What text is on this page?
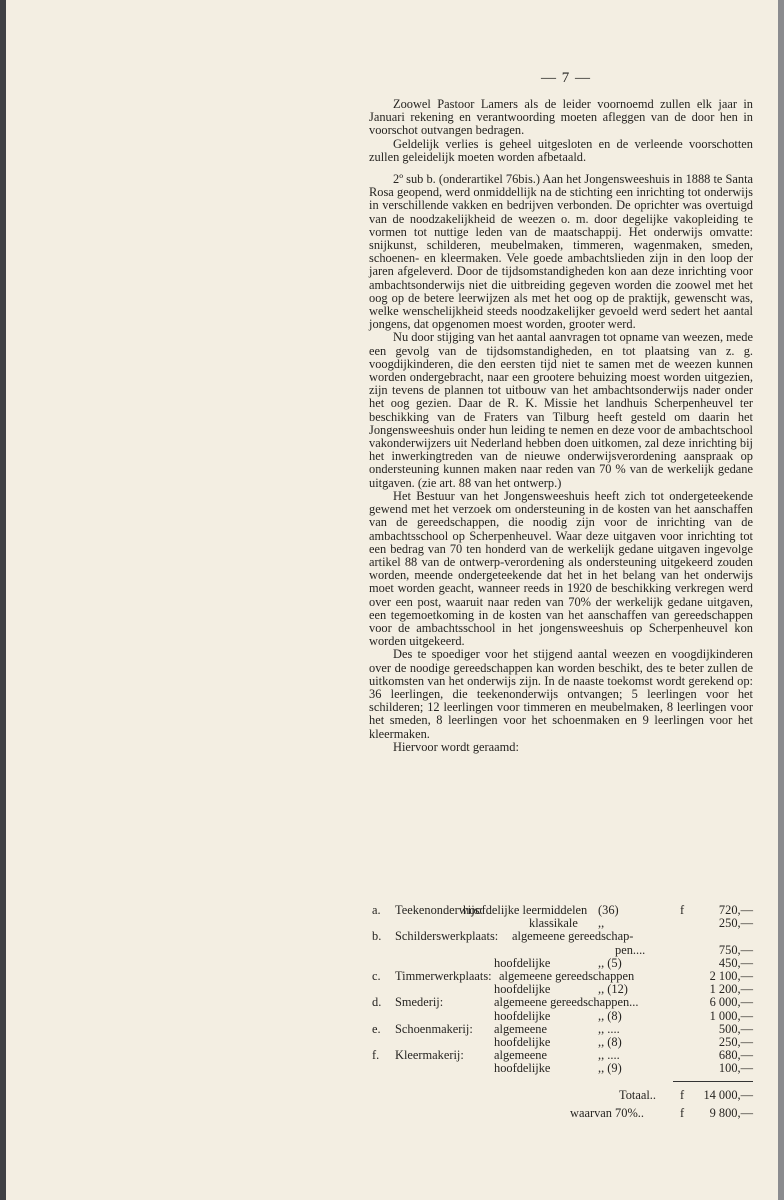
— 7 —

Zoowel Pastoor Lamers als de leider voornoemd zullen elk jaar in Januari rekening en verantwoording moeten afleggen van de door hen in voorschot outvangen bedragen.

Geldelijk verlies is geheel uitgesloten en de verleende voorschotten zullen geleidelijk moeten worden afbetaald.

2º sub b. (onderartikel 76bis.) Aan het Jongensweeshuis in 1888 te Santa Rosa geopend, werd onmiddellijk na de stichting een inrichting tot onderwijs in verschillende vakken en bedrijven verbonden. De oprichter was overtuigd van de noodzakelijkheid de weezen o. m. door degelijke vakopleiding te vormen tot nuttige leden van de maatschappij. Het onderwijs omvatte: snijkunst, schilderen, meubelmaken, timmeren, wagenmaken, smeden, schoenen- en kleermaken. Vele goede ambachtslieden zijn in den loop der jaren afgeleverd. Door de tijdsomstandigheden kon aan deze inrichting voor ambachtsonderwijs niet die uitbreiding gegeven worden die zoowel met het oog op de betere leerwijzen als met het oog op de praktijk, gewenscht was, welke wenschelijkheid steeds noodzakelijker gevoeld werd sedert het aantal jongens, dat opgenomen moest worden, grooter werd.

Nu door stijging van het aantal aanvragen tot opname van weezen, mede een gevolg van de tijdsomstandigheden, en tot plaatsing van z. g. voogdijkinderen, die den eersten tijd niet te samen met de weezen kunnen worden ondergebracht, naar een grootere behuizing moest worden uitgezien, zijn tevens de plannen tot uitbouw van het ambachtsonderwijs nader onder het oog gezien. Daar de R. K. Missie het landhuis Scherpenheuvel ter beschikking van de Fraters van Tilburg heeft gesteld om daarin het Jongensweeshuis onder hun leiding te nemen en deze voor de ambachtschool vakonderwijzers uit Nederland hebben doen uitkomen, zal deze inrichting bij het inwerkingtreden van de nieuwe onderwijsverordening aanspraak op ondersteuning kunnen maken naar reden van 70 % van de werkelijk gedane uitgaven. (zie art. 88 van het ontwerp.)

Het Bestuur van het Jongensweeshuis heeft zich tot ondergeteekende gewend met het verzoek om ondersteuning in de kosten van het aanschaffen van de gereedschappen, die noodig zijn voor de inrichting van de ambachtsschool op Scherpenheuvel. Waar deze uitgaven voor inrichting tot een bedrag van 70 ten honderd van de werkelijk gedane uitgaven ingevolge artikel 88 van de ontwerp-verordening als ondersteuning uitgekeerd zouden worden, meende ondergeteekende dat het in het belang van het onderwijs moet worden geacht, wanneer reeds in 1920 de beschikking verkregen werd over een post, waaruit naar reden van 70% der werkelijk gedane uitgaven, een tegemoetkoming in de kosten van het aanschaffen van gereedschappen voor de ambachtsschool in het jongensweeshuis op Scherpenheuvel kon worden uitgekeerd.

Des te spoediger voor het stijgend aantal weezen en voogdijkinderen over de noodige gereedschappen kan worden beschikt, des te beter zullen de uitkomsten van het onderwijs zijn. In de naaste toekomst wordt gerekend op: 36 leerlingen, die teekenonderwijs ontvangen; 5 leerlingen voor het schilderen; 12 leerlingen voor timmeren en meubelmaken, 8 leerlingen voor het smeden, 8 leerlingen voor het schoenmaken en 9 leerlingen voor het kleermaken.

Hiervoor wordt geraamd:

a. Teekenonderwijs:
hoofdelijke leermiddelen (36)	f	720,—
klassikale ,,	250,—
b. Schilderswerkplaats: algemeene gereedschap-
pen....	750,—
hoofdelijke	,, (5)	450,—
c. Timmerwerkplaats: algemeene gereedschappen	2 100,—
hoofdelijke	,, (12)	1 200,—
d. Smederij:	algemeene gereedschappen...	6 000,—
hoofdelijke	,, (8)	1 000,—
e. Schoenmakerij: algemeene	,, ....	500,—
hoofdelijke	,, (8)	250,—
f. Kleermakerij: algemeene	,, ....	680,—
hoofdelijke	,, (9)	100,—
Totaal.. f 14 000,—
waarvan 70%..	f 9 800,—
